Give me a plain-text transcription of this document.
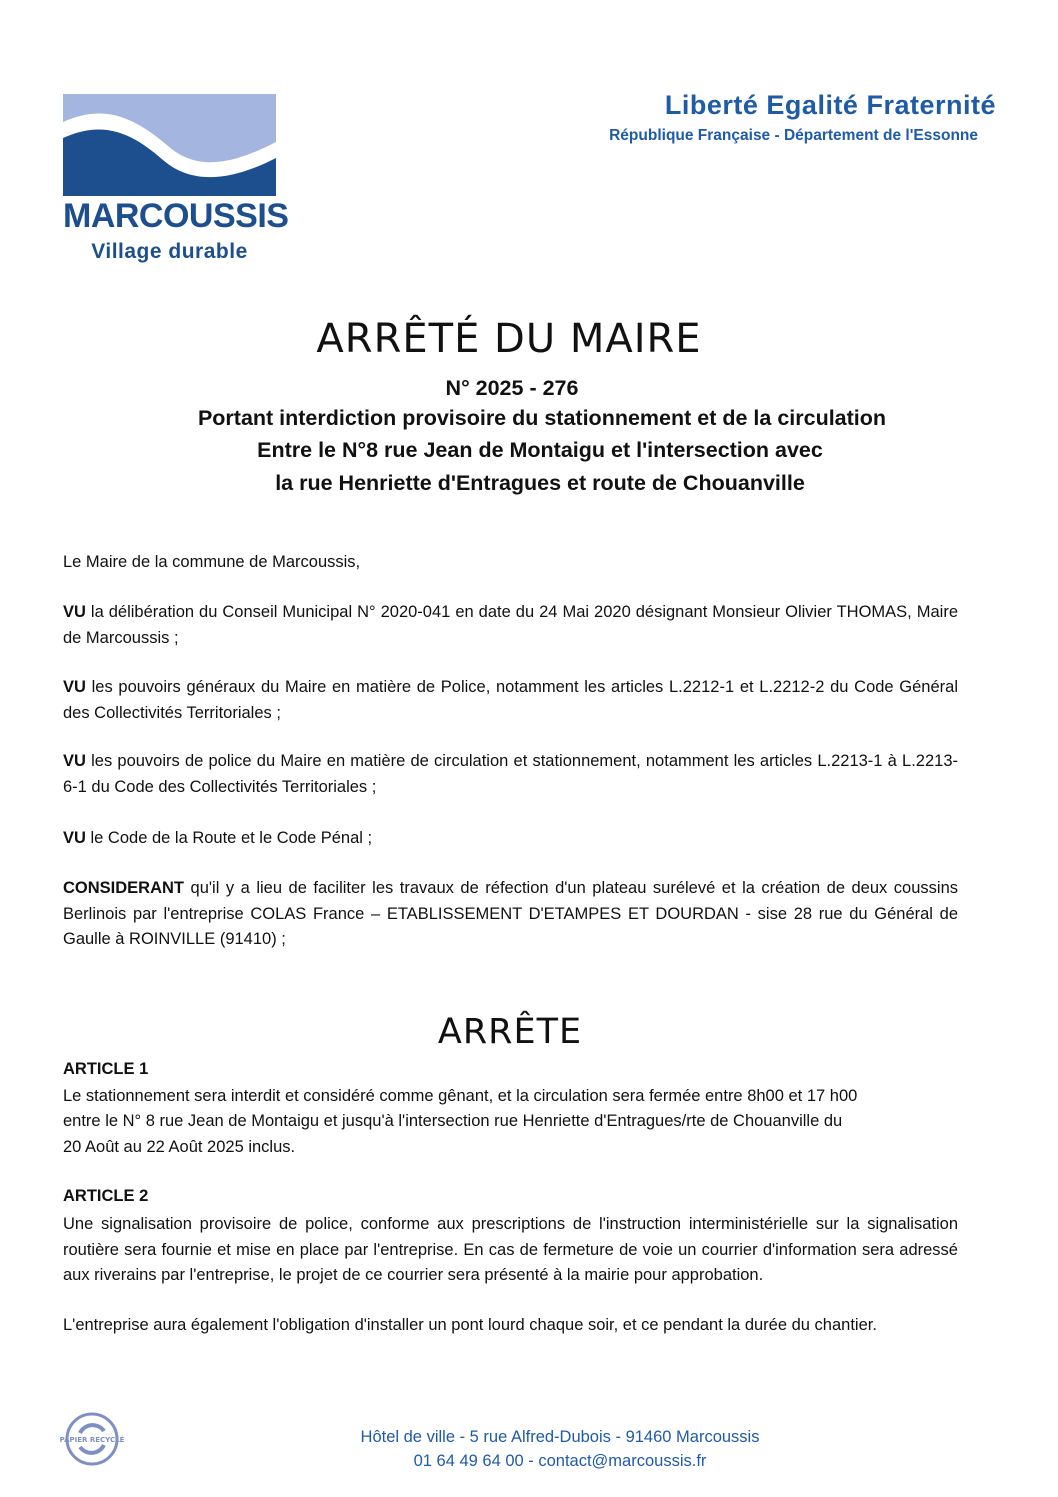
MARCOUSSIS
Village durable
Liberté Egalité Fraternité
République Française - Département de l'Essonne
ARRÊTÉ DU MAIRE
N° 2025 - 276
Portant interdiction provisoire du stationnement et de la circulation
Entre le N°8 rue Jean de Montaigu et l'intersection avec
la rue Henriette d'Entragues et route de Chouanville
Le Maire de la commune de Marcoussis,
VU la délibération du Conseil Municipal N° 2020-041 en date du 24 Mai 2020 désignant Monsieur Olivier THOMAS, Maire de Marcoussis ;
VU les pouvoirs généraux du Maire en matière de Police, notamment les articles L.2212-1 et L.2212-2 du Code Général des Collectivités Territoriales ;
VU les pouvoirs de police du Maire en matière de circulation et stationnement, notamment les articles L.2213-1 à L.2213-6-1 du Code des Collectivités Territoriales ;
VU le Code de la Route et le Code Pénal ;
CONSIDERANT qu'il y a lieu de faciliter les travaux de réfection d'un plateau surélevé et la création de deux coussins Berlinois par l'entreprise COLAS France – ETABLISSEMENT D'ETAMPES ET DOURDAN - sise 28 rue du Général de Gaulle à ROINVILLE (91410) ;
ARRÊTE
ARTICLE 1
Le stationnement sera interdit et considéré comme gênant, et la circulation sera fermée entre 8h00 et 17 h00
entre le N° 8 rue Jean de Montaigu et jusqu'à l'intersection rue Henriette d'Entragues/rte de Chouanville du
20 Août au 22 Août 2025 inclus.
ARTICLE 2
Une signalisation provisoire de police, conforme aux prescriptions de l'instruction interministérielle sur la signalisation routière sera fournie et mise en place par l'entreprise. En cas de fermeture de voie un courrier d'information sera adressé aux riverains par l'entreprise, le projet de ce courrier sera présenté à la mairie pour approbation.
L'entreprise aura également l'obligation d'installer un pont lourd chaque soir, et ce pendant la durée du chantier.
PAPIER RECYCLÉ	Hôtel de ville - 5 rue Alfred-Dubois - 91460 Marcoussis
01 64 49 64 00 - contact@marcoussis.fr
